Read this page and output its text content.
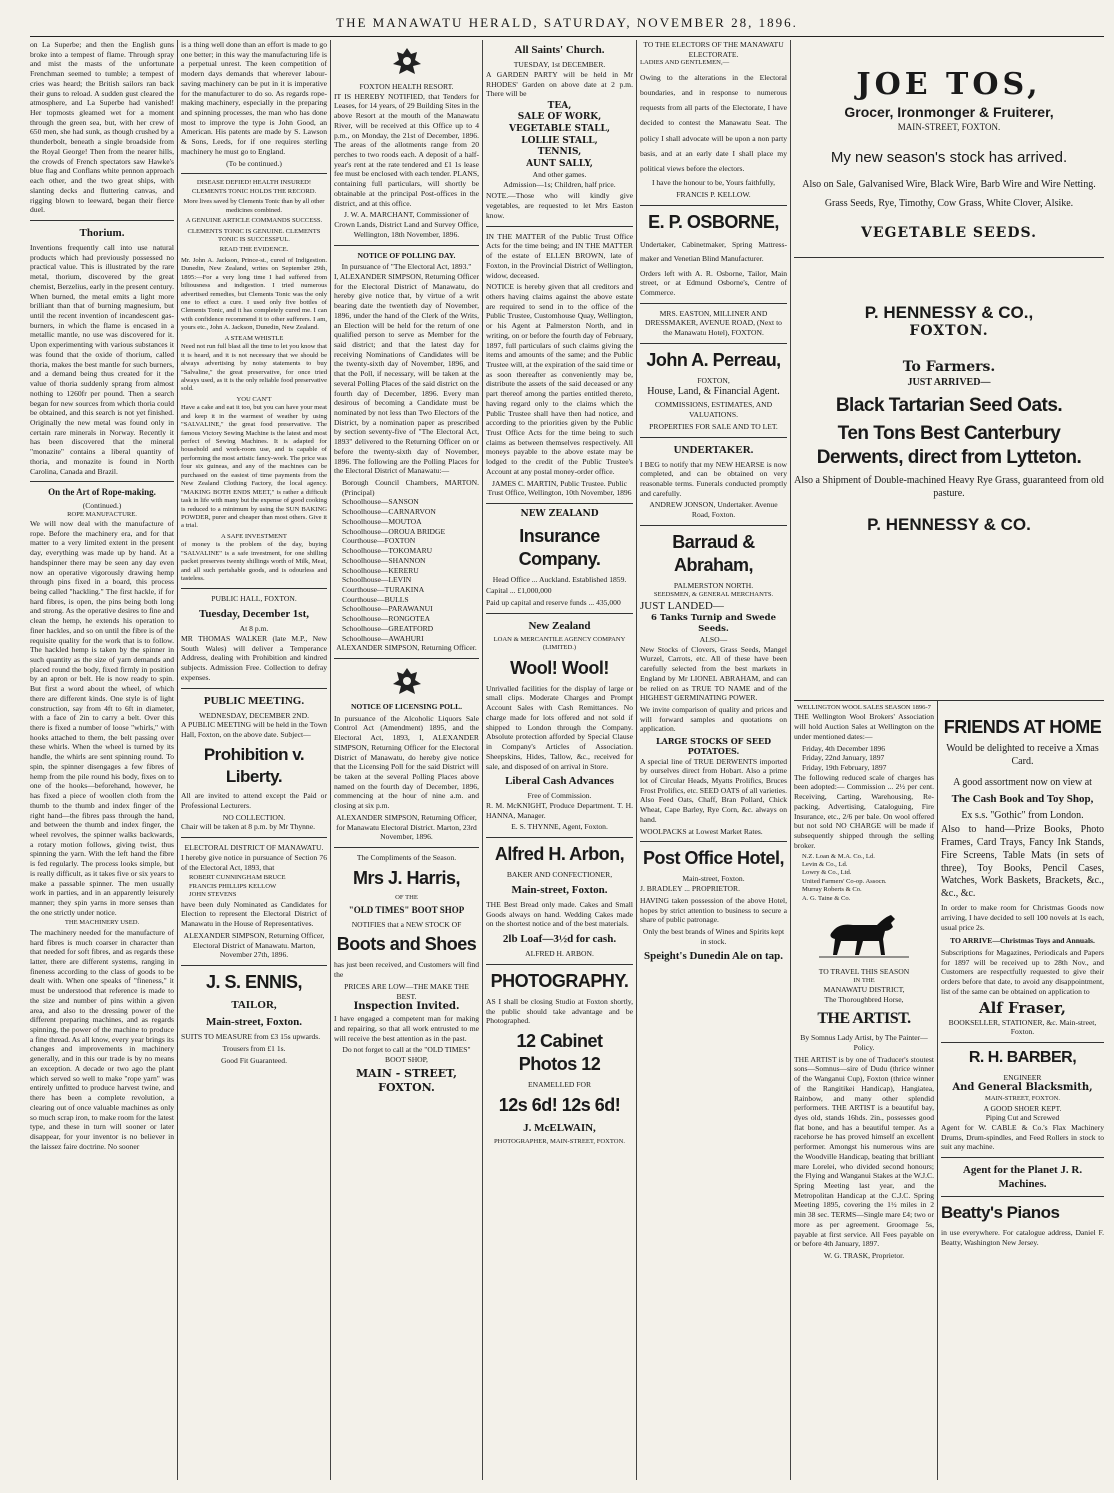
THE MANAWATU HERALD, SATURDAY, NOVEMBER 28, 1896.

on La Superbe; and then the English guns broke into a tempest of flame. Through spray and mist the masts of the unfortunate Frenchman seemed to tumble; a tempest of cries was heard; the British sailors ran back their guns to reload. A sudden gust cleared the atmosphere, and La Superbe had vanished! Her topmosts gleamed wet for a moment through the green sea, but, with her crew of 650 men, she had sunk, as though crushed by a thunderbolt, beneath a single broadside from the Royal George! Then from the nearer hills, the crowds of French spectators saw Hawke's blue flag and Conflans white pennon approach each other, and the two great ships, with slanting decks and fluttering canvas, and rigging blown to leeward, began their fierce duel.

Thorium.

Inventions frequently call into use natural products which had previously possessed no practical value. This is illustrated by the rare metal, thorium, discovered by the great chemist, Berzelius, early in the present century. When burned, the metal emits a light more brilliant than that of burning magnesium, but until the recent invention of incandescent gas-burners, in which the flame is encased in a metallic mantle, no use was discovered for it. Upon experimenting with various substances it was found that the oxide of thorium, called thoria, makes the best mantle for such burners, and a demand being thus created for it the value of thoria suddenly sprang from almost nothing to 1260fr per pound. Then a search began for new sources from which thoria could be obtained, and this search is not yet finished. Originally the new metal was found only in certain rare minerals in Norway. Recently it has been discovered that the mineral "monazite" contains a liberal quantity of thoria, and monazite is found in North Carolina, Canada and Brazil.

On the Art of Rope-making.
(Continued.)
ROPE MANUFACTURE.

We will now deal with the manufacture of rope. Before the machinery era, and for that matter to a very limited extent in the present day, everything was made up by hand. At a handspinner there may be seen any day even now an operative vigorously drawing hemp through pins fixed in a board, this process being called "hackling." The first hackle, if for hard fibres, is open, the pins being both long and strong. As the operative desires to fine and clean the hemp, he extends his operation to finer hackles, and so on until the fibre is of the requisite quality for the work that is to follow. The hackled hemp is taken by the spinner in such quantity as the size of yarn demands and placed round the body, fixed firmly in position by an apron or belt. He is now ready to spin. But first a word about the wheel, of which there are different kinds. One style is of light construction, say from 4ft to 6ft in diameter, with a face of 2in to carry a belt. Over this there is fixed a number of loose "whirls," with hooks attached to them, the belt passing over these whirls. When the wheel is turned by its handle, the whirls are sent spinning round. To spin, the spinner disengages a few fibres of hemp from the pile round his body, fixes on to one of the hooks—beforehand, however, he has fixed a piece of woollen cloth from the thumb to the thumb and index finger of the right hand—the fibres pass through the hand, and between the thumb and index finger, the wheel revolves, the spinner walks backwards, a rotary motion follows, giving twist, thus spinning the yarn. With the left hand the fibre is fed regularly. The process looks simple, but is really difficult, as it takes five or six years to make a passable spinner. The men usually work in parties, and in an apparently leisurely manner; they spin yarns in more senses than the one strictly under notice.

THE MACHINERY USED.

The machinery needed for the manufacture of hard fibres is much coarser in character than that needed for soft fibres, and as regards these latter, there are different systems, ranging in fineness according to the class of goods to be dealt with. When one speaks of "fineness," it must be understood that reference is made to the size and number of pins within a given area, and also to the dressing power of the different preparing machines, and as regards spinning, the power of the machine to produce a fine thread. As all know, every year brings its changes and improvements in machinery generally, and in this our trade is by no means an exception. A decade or two ago the plant which served so well to make "rope yarn" was entirely unfitted to produce harvest twine, and there has been a complete revolution, a clearing out of once valuable machines as only so much scrap iron, to make room for the latest type, and these in turn will sooner or later disappear, for your inventor is no believer in the laissez faire doctrine. No sooner

is a thing well done than an effort is made to go one better; in this way the manufacturing life is a perpetual unrest. The keen competition of modern days demands that wherever labour-saving machinery can be put in it is imperative for the manufacturer to do so. As regards rope-making machinery, especially in the preparing and spinning processes, the man who has done most to improve the type is John Good, an American. His patents are made by S. Lawson & Sons, Leeds, for if one requires sterling machinery he must go to England.

(To be continued.)

DISEASE DEFIED! HEALTH INSURED! CLEMENTS TONIC HOLDS THE RECORD.

More lives saved by Clements Tonic than by all other medicines combined.

A GENUINE ARTICLE COMMANDS SUCCESS.

CLEMENTS TONIC IS GENUINE. CLEMENTS TONIC IS SUCCESSFUL.

READ THE EVIDENCE.

Mr. John A. Jackson, Prince-st., cured of Indigestion. Dunedin, New Zealand, writes on September 29th, 1895:—For a very long time I had suffered from biliousness and indigestion. I tried numerous advertised remedies, but Clements Tonic was the only one to effect a cure. I used only five bottles of Clements Tonic, and it has completely cured me. I can with confidence recommend it to other sufferers. I am, yours etc., John A. Jackson, Dunedin, New Zealand.

A STEAM WHISTLE

Need not run full blast all the time to let you know that it is heard, and it is not necessary that we should be always advertising by noisy statements to buy "Salvaline," the great preservative, for once tried always used, as it is the only reliable food preservative sold.

YOU CAN'T

Have a cake and eat it too, but you can have your meat and keep it in the warmest of weather by using "SALVALINE," the great food preservative. The famous Victory Sewing Machine is the latest and most perfect of Sewing Machines. It is adapted for household and work-room use, and is capable of performing the most artistic fancy-work. The price was four six guineas, and any of the machines can be purchased on the easiest of time payments from the New Zealand Clothing Factory, the local agency. "MAKING BOTH ENDS MEET," is rather a difficult task in life with many but the expense of good cooking is reduced to a minimum by using the SUN BAKING POWDER, purer and cheaper than most others. Give it a trial.

A SAFE INVESTMENT

of money is the problem of the day, buying "SALVALINE" is a safe investment, for one shilling packet preserves twenty shillings worth of Milk, Meat, and all such perishable goods, and is odourless and tasteless.

PUBLIC HALL, FOXTON.
Tuesday, December 1st,
At 8 p.m.

MR THOMAS WALKER (late M.P., New South Wales) will deliver a Temperance Address, dealing with Prohibition and kindred subjects. Admission Free. Collection to defray expenses.

PUBLIC MEETING.
WEDNESDAY, DECEMBER 2ND.

A PUBLIC MEETING will be held in the Town Hall, Foxton, on the above date. Subject—

Prohibition v. Liberty.

All are invited to attend except the Paid or Professional Lecturers.

NO COLLECTION.

Chair will be taken at 8 p.m. by Mr Thynne.

ELECTORAL DISTRICT OF MANAWATU.

I hereby give notice in pursuance of Section 76 of the Electoral Act, 1893, that

ROBERT CUNNINGHAM BRUCE

FRANCIS PHILLIPS KELLOW

JOHN STEVENS

have been duly Nominated as Candidates for Election to represent the Electoral District of Manawatu in the House of Representatives.

ALEXANDER SIMPSON, Returning Officer, Electoral District of Manawatu. Marton, November 27th, 1896.

J. S. ENNIS,
TAILOR,
Main-street, Foxton.

SUITS TO MEASURE from £3 15s upwards.

Trousers from £1 1s.

Good Fit Guaranteed.

FOXTON HEALTH RESORT.

IT IS HEREBY NOTIFIED, that Tenders for Leases, for 14 years, of 29 Building Sites in the above Resort at the mouth of the Manawatu River, will be received at this Office up to 4 p.m., on Monday, the 21st of December, 1896. The areas of the allotments range from 20 perches to two roods each. A deposit of a half-year's rent at the rate tendered and £1 1s lease fee must be enclosed with each tender. PLANS, containing full particulars, will shortly be obtainable at the principal Post-offices in the district, and at this office.

J. W. A. MARCHANT, Commissioner of Crown Lands, District Land and Survey Office, Wellington, 18th November, 1896.

NOTICE OF POLLING DAY.
In pursuance of "The Electoral Act, 1893."

I, ALEXANDER SIMPSON, Returning Officer for the Electoral District of Manawatu, do hereby give notice that, by virtue of a writ bearing date the twentieth day of November, 1896, under the hand of the Clerk of the Writs, an Election will be held for the return of one qualified person to serve as Member for the said district; and that the latest day for receiving Nominations of Candidates will be the twenty-sixth day of November, 1896, and that the Poll, if necessary, will be taken at the several Polling Places of the said district on the fourth day of December, 1896. Every man desirous of becoming a Candidate must be nominated by not less than Two Electors of the District, by a nomination paper as prescribed by section seventy-five of "The Electoral Act, 1893" delivered to the Returning Officer on or before the twenty-sixth day of November, 1896. The following are the Polling Places for the Electoral District of Manawatu:—

Borough Council Chambers, MARTON. (Principal)

Schoolhouse—SANSON

Schoolhouse—CARNARVON

Schoolhouse—MOUTOA

Schoolhouse—OROUA BRIDGE

Courthouse—FOXTON

Schoolhouse—TOKOMARU

Schoolhouse—SHANNON

Schoolhouse—KERERU

Schoolhouse—LEVIN

Courthouse—TURAKINA

Courthouse—BULLS

Schoolhouse—PARAWANUI

Schoolhouse—RONGOTEA

Schoolhouse—GREATFORD

Schoolhouse—AWAHURI

ALEXANDER SIMPSON, Returning Officer.

NOTICE OF LICENSING POLL.

In pursuance of the Alcoholic Liquors Sale Control Act (Amendment) 1895, and the Electoral Act, 1893, I, ALEXANDER SIMPSON, Returning Officer for the Electoral District of Manawatu, do hereby give notice that the Licensing Poll for the said District will be taken at the several Polling Places above named on the fourth day of December, 1896, commencing at the hour of nine a.m. and closing at six p.m.

ALEXANDER SIMPSON, Returning Officer, for Manawatu Electoral District. Marton, 23rd November, 1896.

The Compliments of the Season.
Mrs J. Harris,
OF THE
"OLD TIMES" BOOT SHOP

NOTIFIES that a NEW STOCK OF

Boots and Shoes

has just been received, and Customers will find the

PRICES ARE LOW—THE MAKE THE BEST.
Inspection Invited.

I have engaged a competent man for making and repairing, so that all work entrusted to me will receive the best attention as in the past.

Do not forget to call at the "OLD TIMES" BOOT SHOP,

MAIN - STREET,
FOXTON.
All Saints' Church.
TUESDAY, 1st DECEMBER.

A GARDEN PARTY will be held in Mr RHODES' Garden on above date at 2 p.m. There will be

TEA,
SALE OF WORK,
VEGETABLE STALL,
LOLLIE STALL,
TENNIS,
AUNT SALLY,
And other games.

Admission—1s; Children, half price.

NOTE.—Those who will kindly give vegetables, are requested to let Mrs Easton know.

IN THE MATTER of the Public Trust Office Acts for the time being; and IN THE MATTER of the estate of ELLEN BROWN, late of Foxton, in the Provincial District of Wellington, widow, deceased.

NOTICE is hereby given that all creditors and others having claims against the above estate are required to send in to the office of the Public Trustee, Customhouse Quay, Wellington, or his Agent at Palmerston North, and in writing, on or before the fourth day of February, 1897, full particulars of such claims giving the items and amounts of the same; and the Public Trustee will, at the expiration of the said time or as soon thereafter as conveniently may be, distribute the assets of the said deceased or any part thereof among the parties entitled thereto, having regard only to the claims which the Public Trustee shall have then had notice, and according to the priorities given by the Public Trust Office Acts for the time being to such claims as between themselves respectively. All moneys payable to the above estate may be lodged to the credit of the Public Trustee's Account at any postal money-order office.

JAMES C. MARTIN, Public Trustee. Public Trust Office, Wellington, 10th November, 1896

NEW ZEALAND
Insurance Company.

Head Office ... Auckland. Established 1859.

Capital ... £1,000,000

Paid up capital and reserve funds ... 435,000

New Zealand
LOAN & MERCANTILE AGENCY COMPANY (LIMITED.)
Wool! Wool!

Unrivalled facilities for the display of large or small clips. Moderate Charges and Prompt Account Sales with Cash Remittances. No charge made for lots offered and not sold if shipped to London through the Company. Absolute protection afforded by Special Clause in Company's Articles of Association. Sheepskins, Hides, Tallow, &c., received for sale, and disposed of on arrival in Store.

Liberal Cash Advances
Free of Commission.

R. M. McKNIGHT, Produce Department. T. H. HANNA, Manager.

E. S. THYNNE, Agent, Foxton.

Alfred H. Arbon,
BAKER AND CONFECTIONER,
Main-street, Foxton.

THE Best Bread only made. Cakes and Small Goods always on hand. Wedding Cakes made on the shortest notice and of the best materials.

2lb Loaf—3½d for cash.
ALFRED H. ARBON.
PHOTOGRAPHY.

AS I shall be closing Studio at Foxton shortly, the public should take advantage and be Photographed.

12 Cabinet Photos 12
ENAMELLED FOR
12s 6d! 12s 6d!
J. McELWAIN,
PHOTOGRAPHER, MAIN-STREET, FOXTON.
TO THE ELECTORS OF THE MANAWATU ELECTORATE.

LADIES AND GENTLEMEN,—

Owing to the alterations in the Electoral boundaries, and in response to numerous requests from all parts of the Electorate, I have decided to contest the Manawatu Seat. The policy I shall advocate will be upon a non party basis, and at an early date I shall place my political views before the electors.

I have the honour to be, Yours faithfully,

FRANCIS P. KELLOW.

E. P. OSBORNE,

Undertaker, Cabinetmaker, Spring Mattress-maker and Venetian Blind Manufacturer.

Orders left with A. R. Osborne, Tailor, Main street, or at Edmund Osborne's, Centre of Commerce.

MRS. EASTON, MILLINER AND DRESSMAKER, AVENUE ROAD, (Next to the Manawatu Hotel), FOXTON.

John A. Perreau,
FOXTON,

House, Land, & Financial Agent.

COMMISSIONS, ESTIMATES, AND VALUATIONS.

PROPERTIES FOR SALE AND TO LET.

UNDERTAKER.

I BEG to notify that my NEW HEARSE is now completed, and can be obtained on very reasonable terms. Funerals conducted promptly and carefully.

ANDREW JONSON, Undertaker. Avenue Road, Foxton.

Barraud & Abraham,
PALMERSTON NORTH.
SEEDSMEN, & GENERAL MERCHANTS.
JUST LANDED—
6 Tanks Turnip and Swede Seeds.
ALSO—

New Stocks of Clovers, Grass Seeds, Mangel Wurzel, Carrots, etc. All of these have been carefully selected from the best markets in England by Mr LIONEL ABRAHAM, and can be relied on as TRUE TO NAME and of the HIGHEST GERMINATING POWER.

We invite comparison of quality and prices and will forward samples and quotations on application.

LARGE STOCKS OF SEED POTATOES.

A special line of TRUE DERWENTS imported by ourselves direct from Hobart. Also a prime lot of Circular Heads, Myatts Prolifics, Bruces Frost Prolifics, etc. SEED OATS of all varieties. Also Feed Oats, Chaff, Bran Pollard, Chick Wheat, Cape Barley, Rye Corn, &c. always on hand.

WOOLPACKS at Lowest Market Rates.

Post Office Hotel,
Main-street, Foxton.

J. BRADLEY ... PROPRIETOR.

HAVING taken possession of the above Hotel, hopes by strict attention to business to secure a share of public patronage.

Only the best brands of Wines and Spirits kept in stock.

Speight's Dunedin Ale on tap.
JOE TOS,
Grocer, Ironmonger & Fruiterer,
MAIN-STREET, FOXTON.
My new season's stock has arrived.

Also on Sale, Galvanised Wire, Black Wire, Barb Wire and Wire Netting.

Grass Seeds, Rye, Timothy, Cow Grass, White Clover, Alsike.

VEGETABLE SEEDS.
P. HENNESSY & CO.,
FOXTON.
To Farmers.
JUST ARRIVED—
Black Tartarian Seed Oats.
Ten Tons Best Canterbury Derwents, direct from Lytteton.

Also a Shipment of Double-machined Heavy Rye Grass, guaranteed from old pasture.

P. HENNESSY & CO.
WELLINGTON WOOL SALES SEASON 1896-7

THE Wellington Wool Brokers' Association will hold Auction Sales at Wellington on the under mentioned dates:—

Friday, 4th December 1896

Friday, 22nd January, 1897

Friday, 19th February, 1897

The following reduced scale of charges has been adopted:— Commission ... 2½ per cent. Receiving, Carting, Warehousing, Re-packing, Advertising, Cataloguing, Fire Insurance, etc., 2/6 per bale. On wool offered but not sold NO CHARGE will be made if subsequently shipped through the selling broker.

N.Z. Loan & M.A. Co., Ld.

Levin & Co., Ld.

Lowry & Co., Ltd.

United Farmers' Co-op. Assocn.

Murray Roberts & Co.

A. G. Taine & Co.

TO TRAVEL THIS SEASON
IN THE
MANAWATU DISTRICT,
The Thoroughbred Horse,
THE ARTIST.

By Somnus Lady Artist, by The Painter—Policy.

THE ARTIST is by one of Traducer's stoutest sons—Somnus—sire of Dudu (thrice winner of the Wanganui Cup), Foxton (thrice winner of the Rangitikei Handicap), Hangiatea, Rainbow, and many other splendid performers. THE ARTIST is a beautiful bay, dyes old, stands 16hds. 2in., possesses good flat bone, and has a beautiful temper. As a racehorse he has proved himself an excellent performer. Amongst his numerous wins are the Woodville Handicap, beating that brilliant mare Lorelei, who divided second honours; the Flying and Wanganui Stakes at the W.J.C. Spring Meeting last year, and the Metropolitan Handicap at the C.J.C. Spring Meeting 1895, covering the 1½ miles in 2 min 38 sec. TERMS—Single mare £4; two or more as per agreement. Groomage 5s, payable at first service. All Fees payable on or before 4th January, 1897.

W. G. TRASK, Proprietor.

FRIENDS AT HOME

Would be delighted to receive a Xmas Card.

A good assortment now on view at

The Cash Book and Toy Shop,

Ex s.s. "Gothic" from London.

Also to hand—Prize Books, Photo Frames, Card Trays, Fancy Ink Stands, Fire Screens, Table Mats (in sets of three), Toy Books, Pencil Cases, Watches, Work Baskets, Brackets, &c., &c., &c.

In order to make room for Christmas Goods now arriving, I have decided to sell 100 novels at 1s each, usual price 2s.

TO ARRIVE—Christmas Toys and Annuals.

Subscriptions for Magazines, Periodicals and Papers for 1897 will be received up to 28th Nov., and Customers are respectfully requested to give their orders before that date, to avoid any disappointment, list of the same can be obtained on application to

Alf Fraser,

BOOKSELLER, STATIONER, &c. Main-street, Foxton.

R. H. BARBER,
ENGINEER
And General Blacksmith,
MAIN-STREET, FOXTON.
A GOOD SHOER KEPT.
Piping Cut and Screwed

Agent for W. CABLE & Co.'s Flax Machinery Drums, Drum-spindles, and Feed Rollers in stock to suit any machine.

Agent for the Planet J. R. Machines.
Beatty's Pianos

in use everywhere. For catalogue address, Daniel F. Beatty, Washington New Jersey.
